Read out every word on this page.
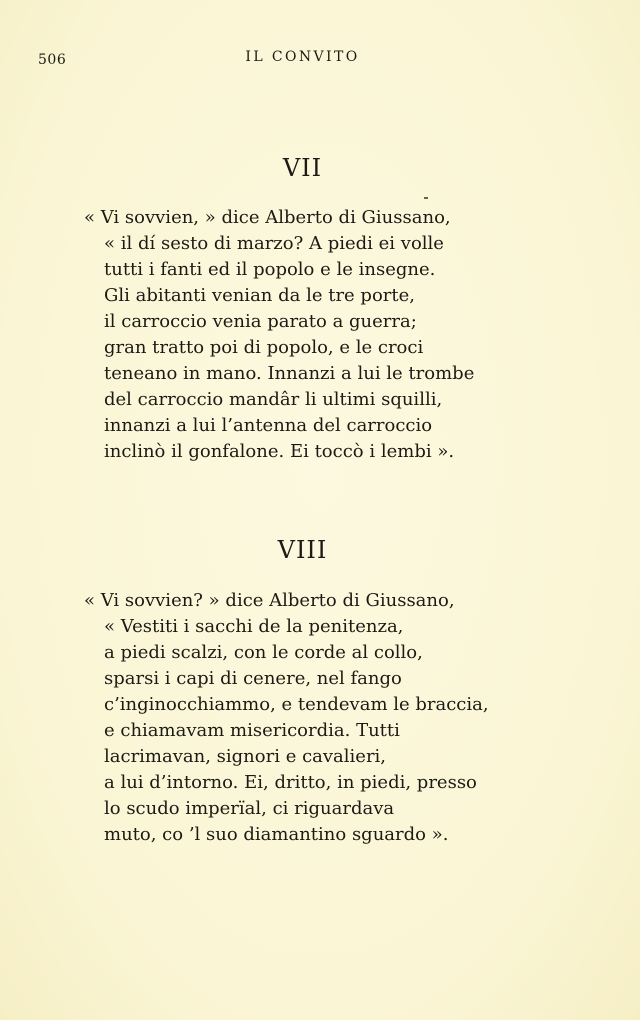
506	IL CONVITO
VII
« Vi sovvien, » dice Alberto di Giussano,
« il dí sesto di marzo? A piedi ei volle
tutti i fanti ed il popolo e le insegne.
Gli abitanti venian da le tre porte,
il carroccio venia parato a guerra;
gran tratto poi di popolo, e le croci
teneano in mano. Innanzi a lui le trombe
del carroccio mandâr li ultimi squilli,
innanzi a lui l’antenna del carroccio
inclinò il gonfalone. Ei toccò i lembi ».
VIII
« Vi sovvien? » dice Alberto di Giussano,
« Vestiti i sacchi de la penitenza,
a piedi scalzi, con le corde al collo,
sparsi i capi di cenere, nel fango
c’inginocchiammo, e tendevam le braccia,
e chiamavam misericordia. Tutti
lacrimavan, signori e cavalieri,
a lui d’intorno. Ei, dritto, in piedi, presso
lo scudo imperïal, ci riguardava
muto, co ’l suo diamantino sguardo ».
